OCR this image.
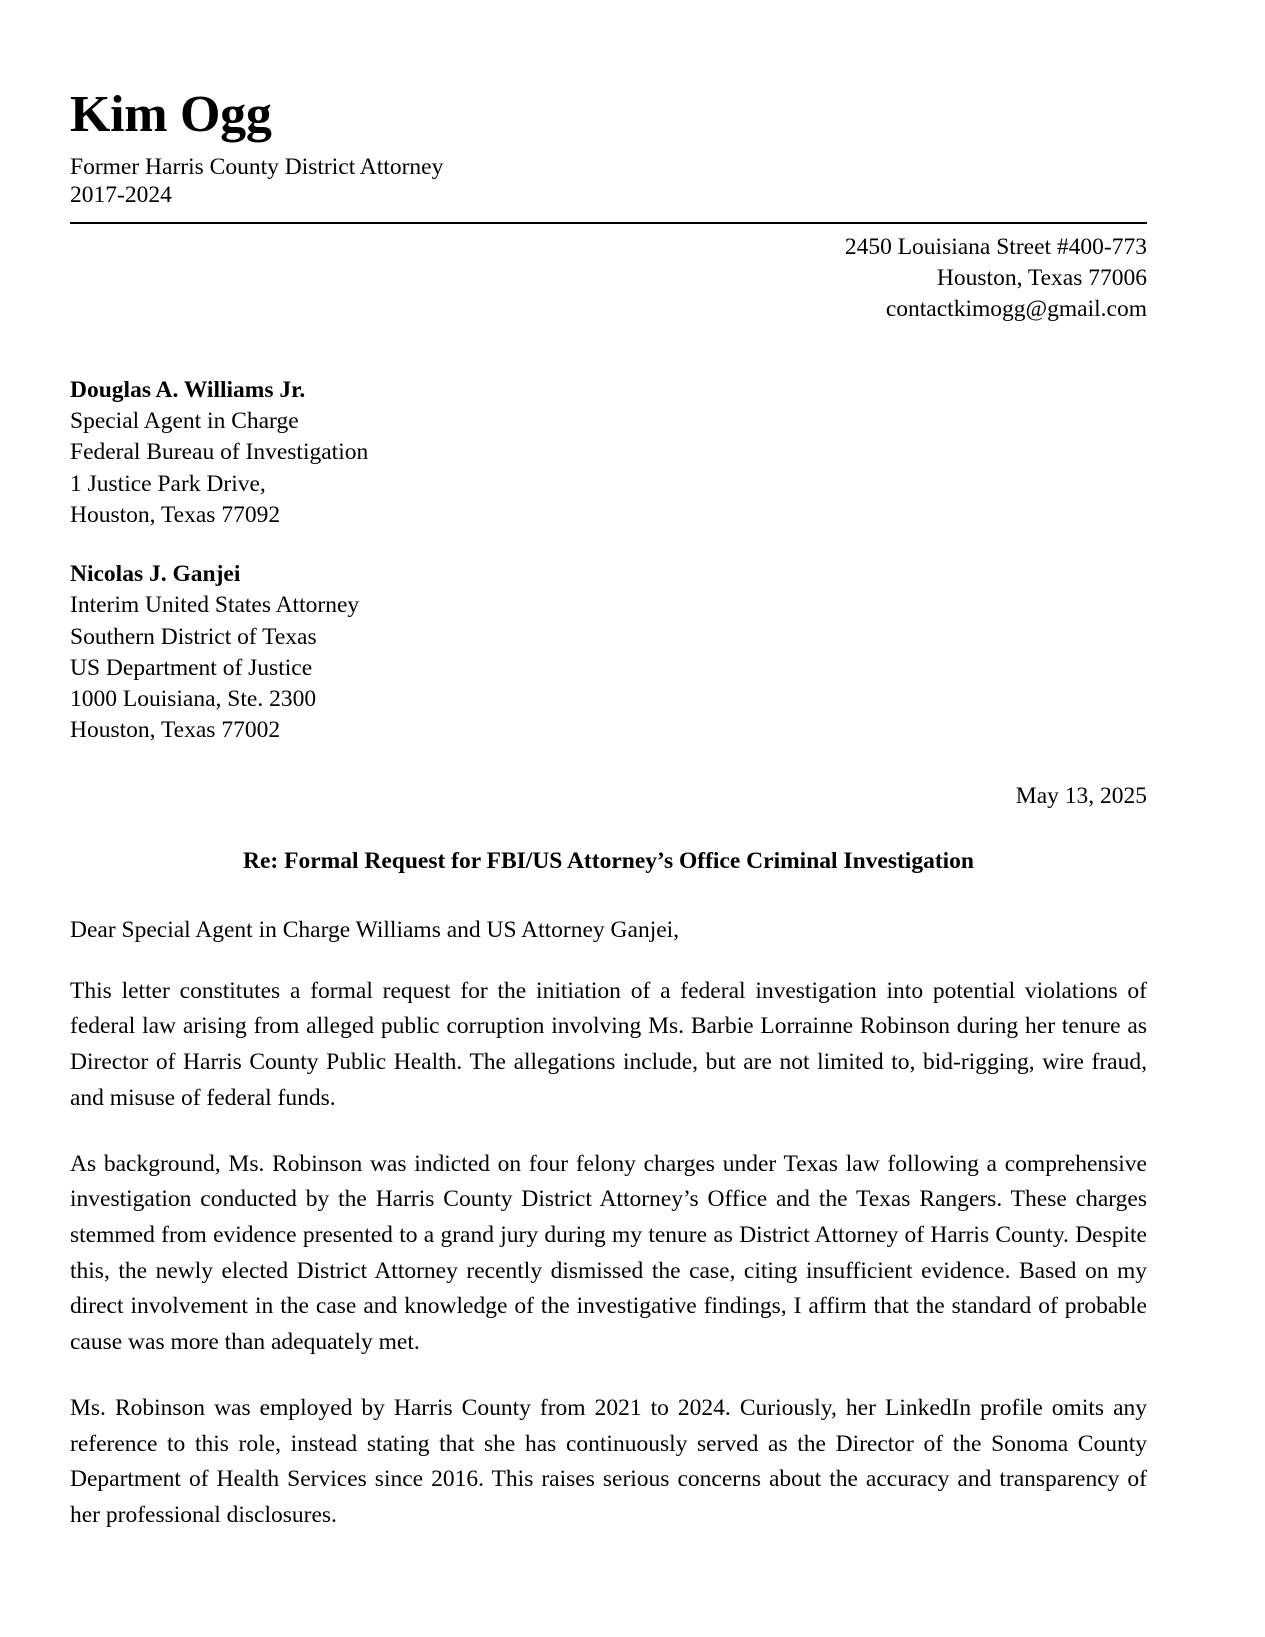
Kim Ogg
Former Harris County District Attorney
2017-2024
2450 Louisiana Street #400-773
Houston, Texas 77006
contactkimogg@gmail.com
Douglas A. Williams Jr.
Special Agent in Charge
Federal Bureau of Investigation
1 Justice Park Drive,
Houston, Texas 77092
Nicolas J. Ganjei
Interim United States Attorney
Southern District of Texas
US Department of Justice
1000 Louisiana, Ste. 2300
Houston, Texas 77002
May 13, 2025
Re: Formal Request for FBI/US Attorney’s Office Criminal Investigation
Dear Special Agent in Charge Williams and US Attorney Ganjei,

This letter constitutes a formal request for the initiation of a federal investigation into potential violations of federal law arising from alleged public corruption involving Ms. Barbie Lorrainne Robinson during her tenure as Director of Harris County Public Health. The allegations include, but are not limited to, bid-rigging, wire fraud, and misuse of federal funds.

As background, Ms. Robinson was indicted on four felony charges under Texas law following a comprehensive investigation conducted by the Harris County District Attorney’s Office and the Texas Rangers. These charges stemmed from evidence presented to a grand jury during my tenure as District Attorney of Harris County. Despite this, the newly elected District Attorney recently dismissed the case, citing insufficient evidence. Based on my direct involvement in the case and knowledge of the investigative findings, I affirm that the standard of probable cause was more than adequately met.

Ms. Robinson was employed by Harris County from 2021 to 2024. Curiously, her LinkedIn profile omits any reference to this role, instead stating that she has continuously served as the Director of the Sonoma County Department of Health Services since 2016. This raises serious concerns about the accuracy and transparency of her professional disclosures.
